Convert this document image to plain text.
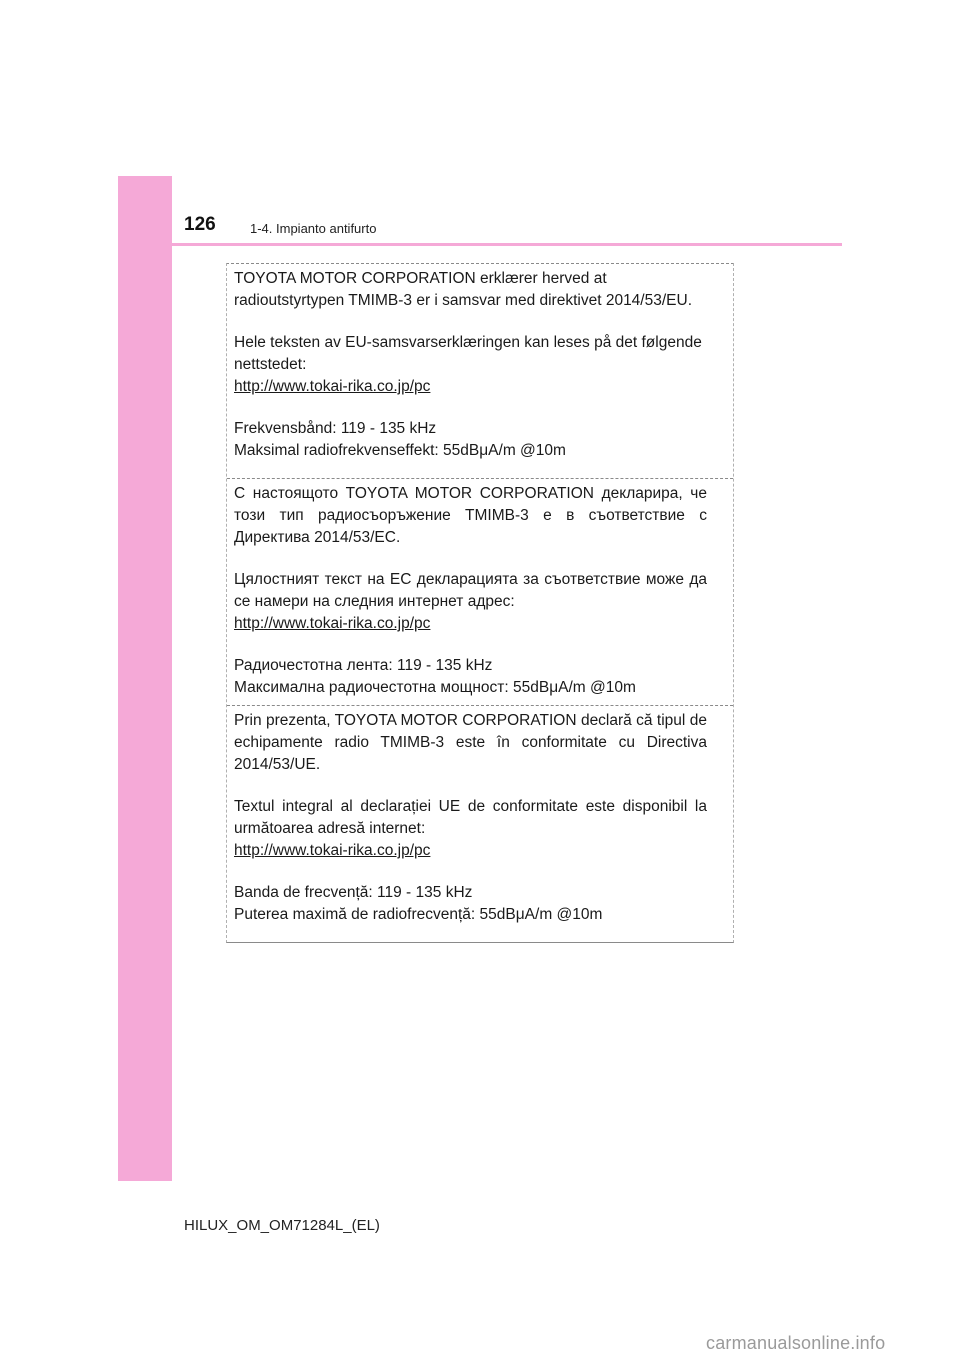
126	1-4. Impianto antifurto

TOYOTA MOTOR CORPORATION erklærer herved at
radioutstyrtypen TMIMB-3 er i samsvar med direktivet 2014/53/EU.

Hele teksten av EU-samsvarserklæringen kan leses på det følgende
nettstedet:
http://www.tokai-rika.co.jp/pc

Frekvensbånd: 119 - 135 kHz
Maksimal radiofrekvenseffekt: 55dBμA/m @10m

С настоящото TOYOTA MOTOR CORPORATION декларира, че
този тип радиосъоръжение TMIMB-3 е в съответствие с
Директива 2014/53/ЕС.

Цялостният текст на ЕС декларацията за съответствие може да
се намери на следния интернет адрес:
http://www.tokai-rika.co.jp/pc

Радиочестотна лента: 119 - 135 kHz
Максимална радиочестотна мощност: 55dBμA/m @10m

Prin prezenta, TOYOTA MOTOR CORPORATION declară că tipul de
echipamente radio TMIMB-3 este în conformitate cu Directiva
2014/53/UE.

Textul integral al declarației UE de conformitate este disponibil la
următoarea adresă internet:
http://www.tokai-rika.co.jp/pc

Banda de frecvență: 119 - 135 kHz
Puterea maximă de radiofrecvență: 55dBμA/m @10m

HILUX_OM_OM71284L_(EL)
carmanualsonline.info
